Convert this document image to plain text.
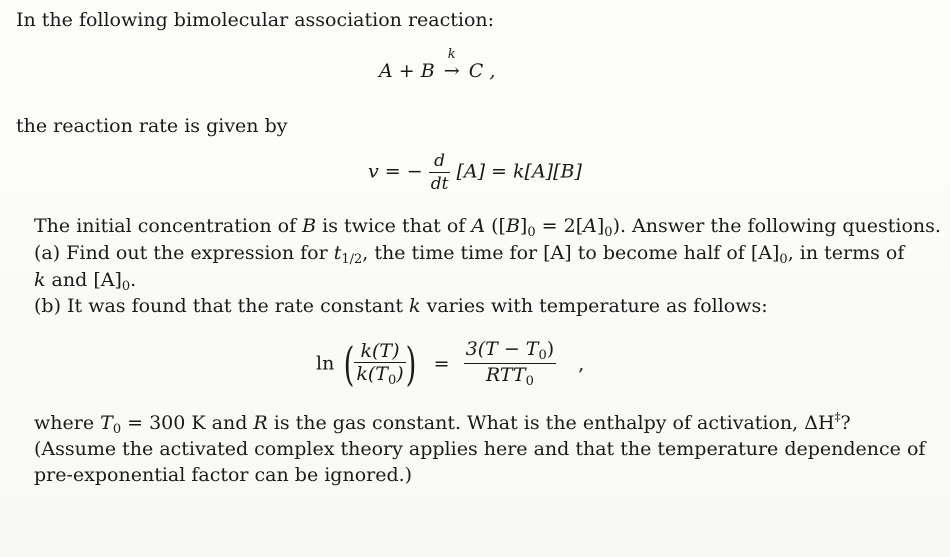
In the following bimolecular association reaction:
A + B
k
→ C ,
the reaction rate is given by
v = − $\frac{d}{dt} [A] = k[A][B]$
The initial concentration of B is twice that of A $([B]_0 = 2[A]_0)$. Answer the following questions.
(a) Find out the expression for $t_{1/2}$, the time time for [A] to become half of $[A]_0$, in terms of
k and $[A]_0$.
(b) It was found that the rate constant k varies with temperature as follows:
ln ( $\frac{k(T)}{k(T_0)}$ ) = $\frac{3(T - T_0)}{RTT_0}$ ,
where $T_0 = 300$ K and R is the gas constant. What is the enthalpy of activation, ΔH‡?
(Assume the activated complex theory applies here and that the temperature dependence of
pre-exponential factor can be ignored.)
